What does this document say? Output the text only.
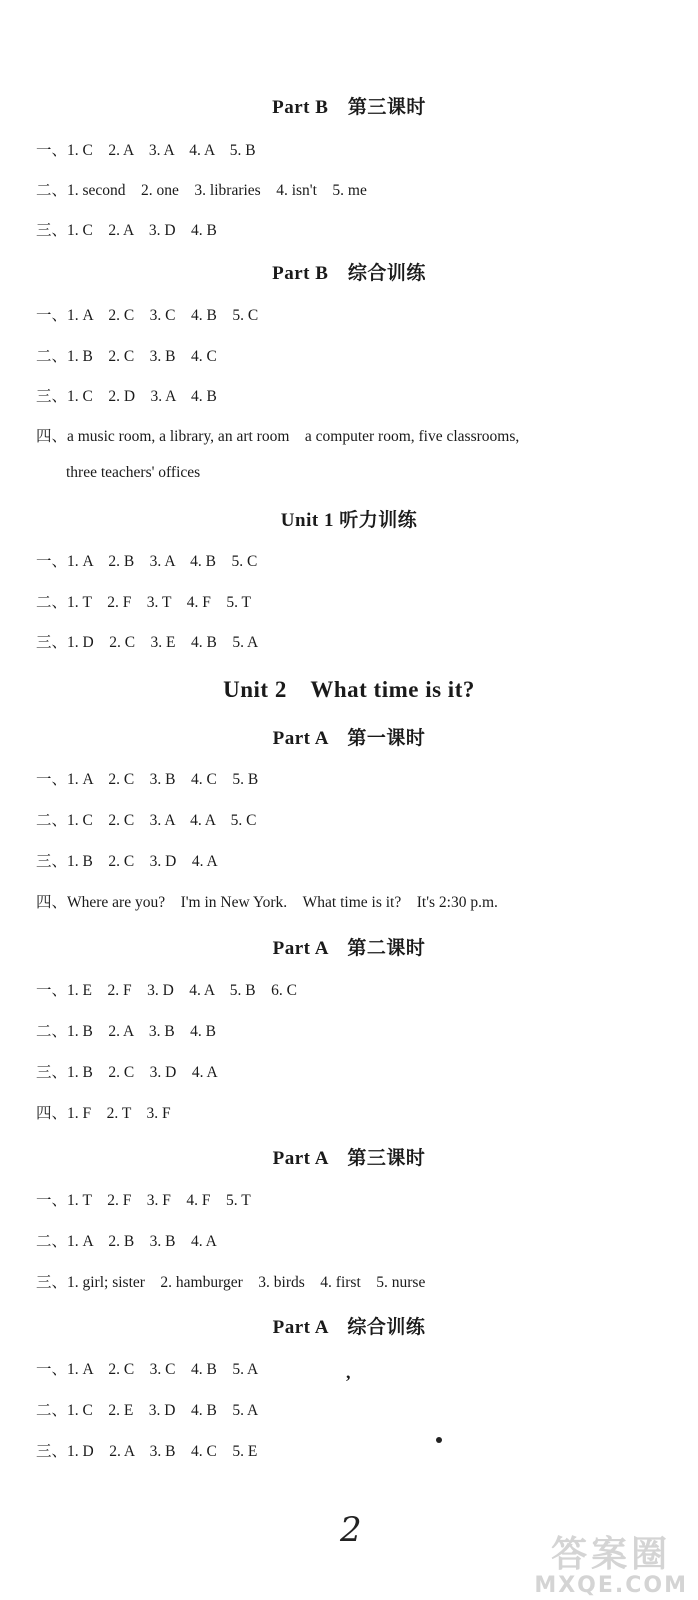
Part B　第三课时
一、1. C　2. A　3. A　4. A　5. B
二、1. second　2. one　3. libraries　4. isn't　5. me
三、1. C　2. A　3. D　4. B
Part B　综合训练
一、1. A　2. C　3. C　4. B　5. C
二、1. B　2. C　3. B　4. C
三、1. C　2. D　3. A　4. B
四、a music room, a library, an art room　a computer room, five classrooms,
three teachers' offices
Unit 1 听力训练
一、1. A　2. B　3. A　4. B　5. C
二、1. T　2. F　3. T　4. F　5. T
三、1. D　2. C　3. E　4. B　5. A
Unit 2　What time is it?
Part A　第一课时
一、1. A　2. C　3. B　4. C　5. B
二、1. C　2. C　3. A　4. A　5. C
三、1. B　2. C　3. D　4. A
四、Where are you?　I'm in New York.　What time is it?　It's 2:30 p.m.
Part A　第二课时
一、1. E　2. F　3. D　4. A　5. B　6. C
二、1. B　2. A　3. B　4. B
三、1. B　2. C　3. D　4. A
四、1. F　2. T　3. F
Part A　第三课时
一、1. T　2. F　3. F　4. F　5. T
二、1. A　2. B　3. B　4. A
三、1. girl; sister　2. hamburger　3. birds　4. first　5. nurse
Part A　综合训练
一、1. A　2. C　3. C　4. B　5. A
二、1. C　2. E　3. D　4. B　5. A
三、1. D　2. A　3. B　4. C　5. E
,
2
答案圈
MXQE.COM
